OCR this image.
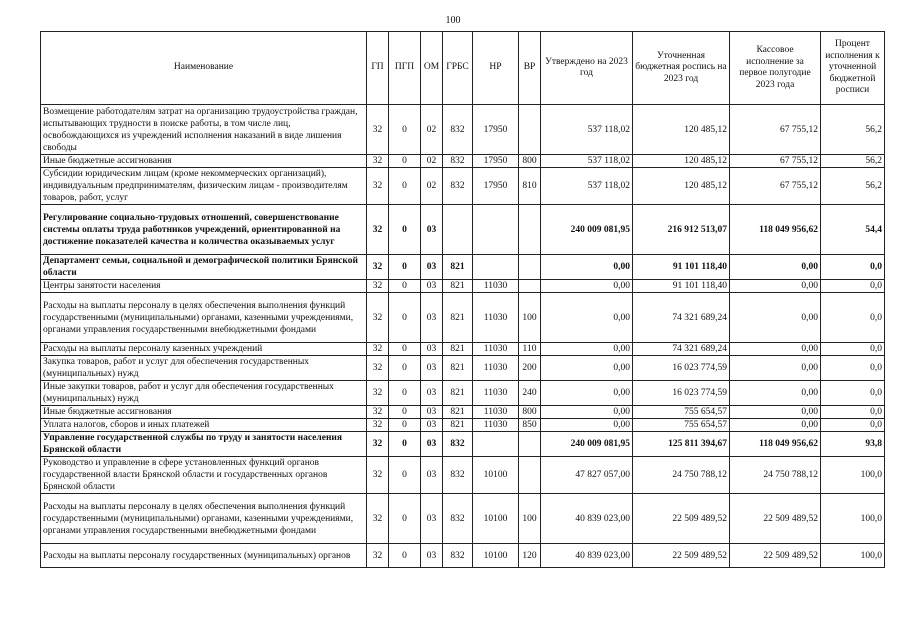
100
Наименование	ГП	ПГП	ОМ	ГРБС	НР	ВР	Утверждено на 2023 год	Уточненная бюджетная роспись на 2023 год	Кассовое исполнение за первое полугодие 2023 года	Процент исполнения к уточненной бюджетной росписи
Возмещение работодателям затрат на организацию трудоустройства граждан, испытывающих трудности в поиске работы, в том числе лиц, освобождающихся из учреждений исполнения наказаний в виде лишения свободы	32	0	02	832	17950		537 118,02	120 485,12	67 755,12	56,2
Иные бюджетные ассигнования	32	0	02	832	17950	800	537 118,02	120 485,12	67 755,12	56,2
Субсидии юридическим лицам (кроме некоммерческих организаций), индивидуальным предпринимателям, физическим лицам - производителям товаров, работ, услуг	32	0	02	832	17950	810	537 118,02	120 485,12	67 755,12	56,2
Регулирование социально-трудовых отношений, совершенствование системы оплаты труда работников учреждений, ориентированной на достижение показателей качества и количества оказываемых услуг	32	0	03				240 009 081,95	216 912 513,07	118 049 956,62	54,4
Департамент семьи, социальной и демографической политики Брянской области	32	0	03	821			0,00	91 101 118,40	0,00	0,0
Центры занятости населения	32	0	03	821	11030		0,00	91 101 118,40	0,00	0,0
Расходы на выплаты персоналу в целях обеспечения выполнения функций государственными (муниципальными) органами, казенными учреждениями, органами управления государственными внебюджетными фондами	32	0	03	821	11030	100	0,00	74 321 689,24	0,00	0,0
Расходы на выплаты персоналу казенных учреждений	32	0	03	821	11030	110	0,00	74 321 689,24	0,00	0,0
Закупка товаров, работ и услуг для обеспечения государственных (муниципальных) нужд	32	0	03	821	11030	200	0,00	16 023 774,59	0,00	0,0
Иные закупки товаров, работ и услуг для обеспечения государственных (муниципальных) нужд	32	0	03	821	11030	240	0,00	16 023 774,59	0,00	0,0
Иные бюджетные ассигнования	32	0	03	821	11030	800	0,00	755 654,57	0,00	0,0
Уплата налогов, сборов и иных платежей	32	0	03	821	11030	850	0,00	755 654,57	0,00	0,0
Управление государственной службы по труду и занятости населения Брянской области	32	0	03	832			240 009 081,95	125 811 394,67	118 049 956,62	93,8
Руководство и управление в сфере установленных функций органов государственной власти Брянской области и государственных органов Брянской области	32	0	03	832	10100		47 827 057,00	24 750 788,12	24 750 788,12	100,0
Расходы на выплаты персоналу в целях обеспечения выполнения функций государственными (муниципальными) органами, казенными учреждениями, органами управления государственными внебюджетными фондами	32	0	03	832	10100	100	40 839 023,00	22 509 489,52	22 509 489,52	100,0
Расходы на выплаты персоналу государственных (муниципальных) органов	32	0	03	832	10100	120	40 839 023,00	22 509 489,52	22 509 489,52	100,0
